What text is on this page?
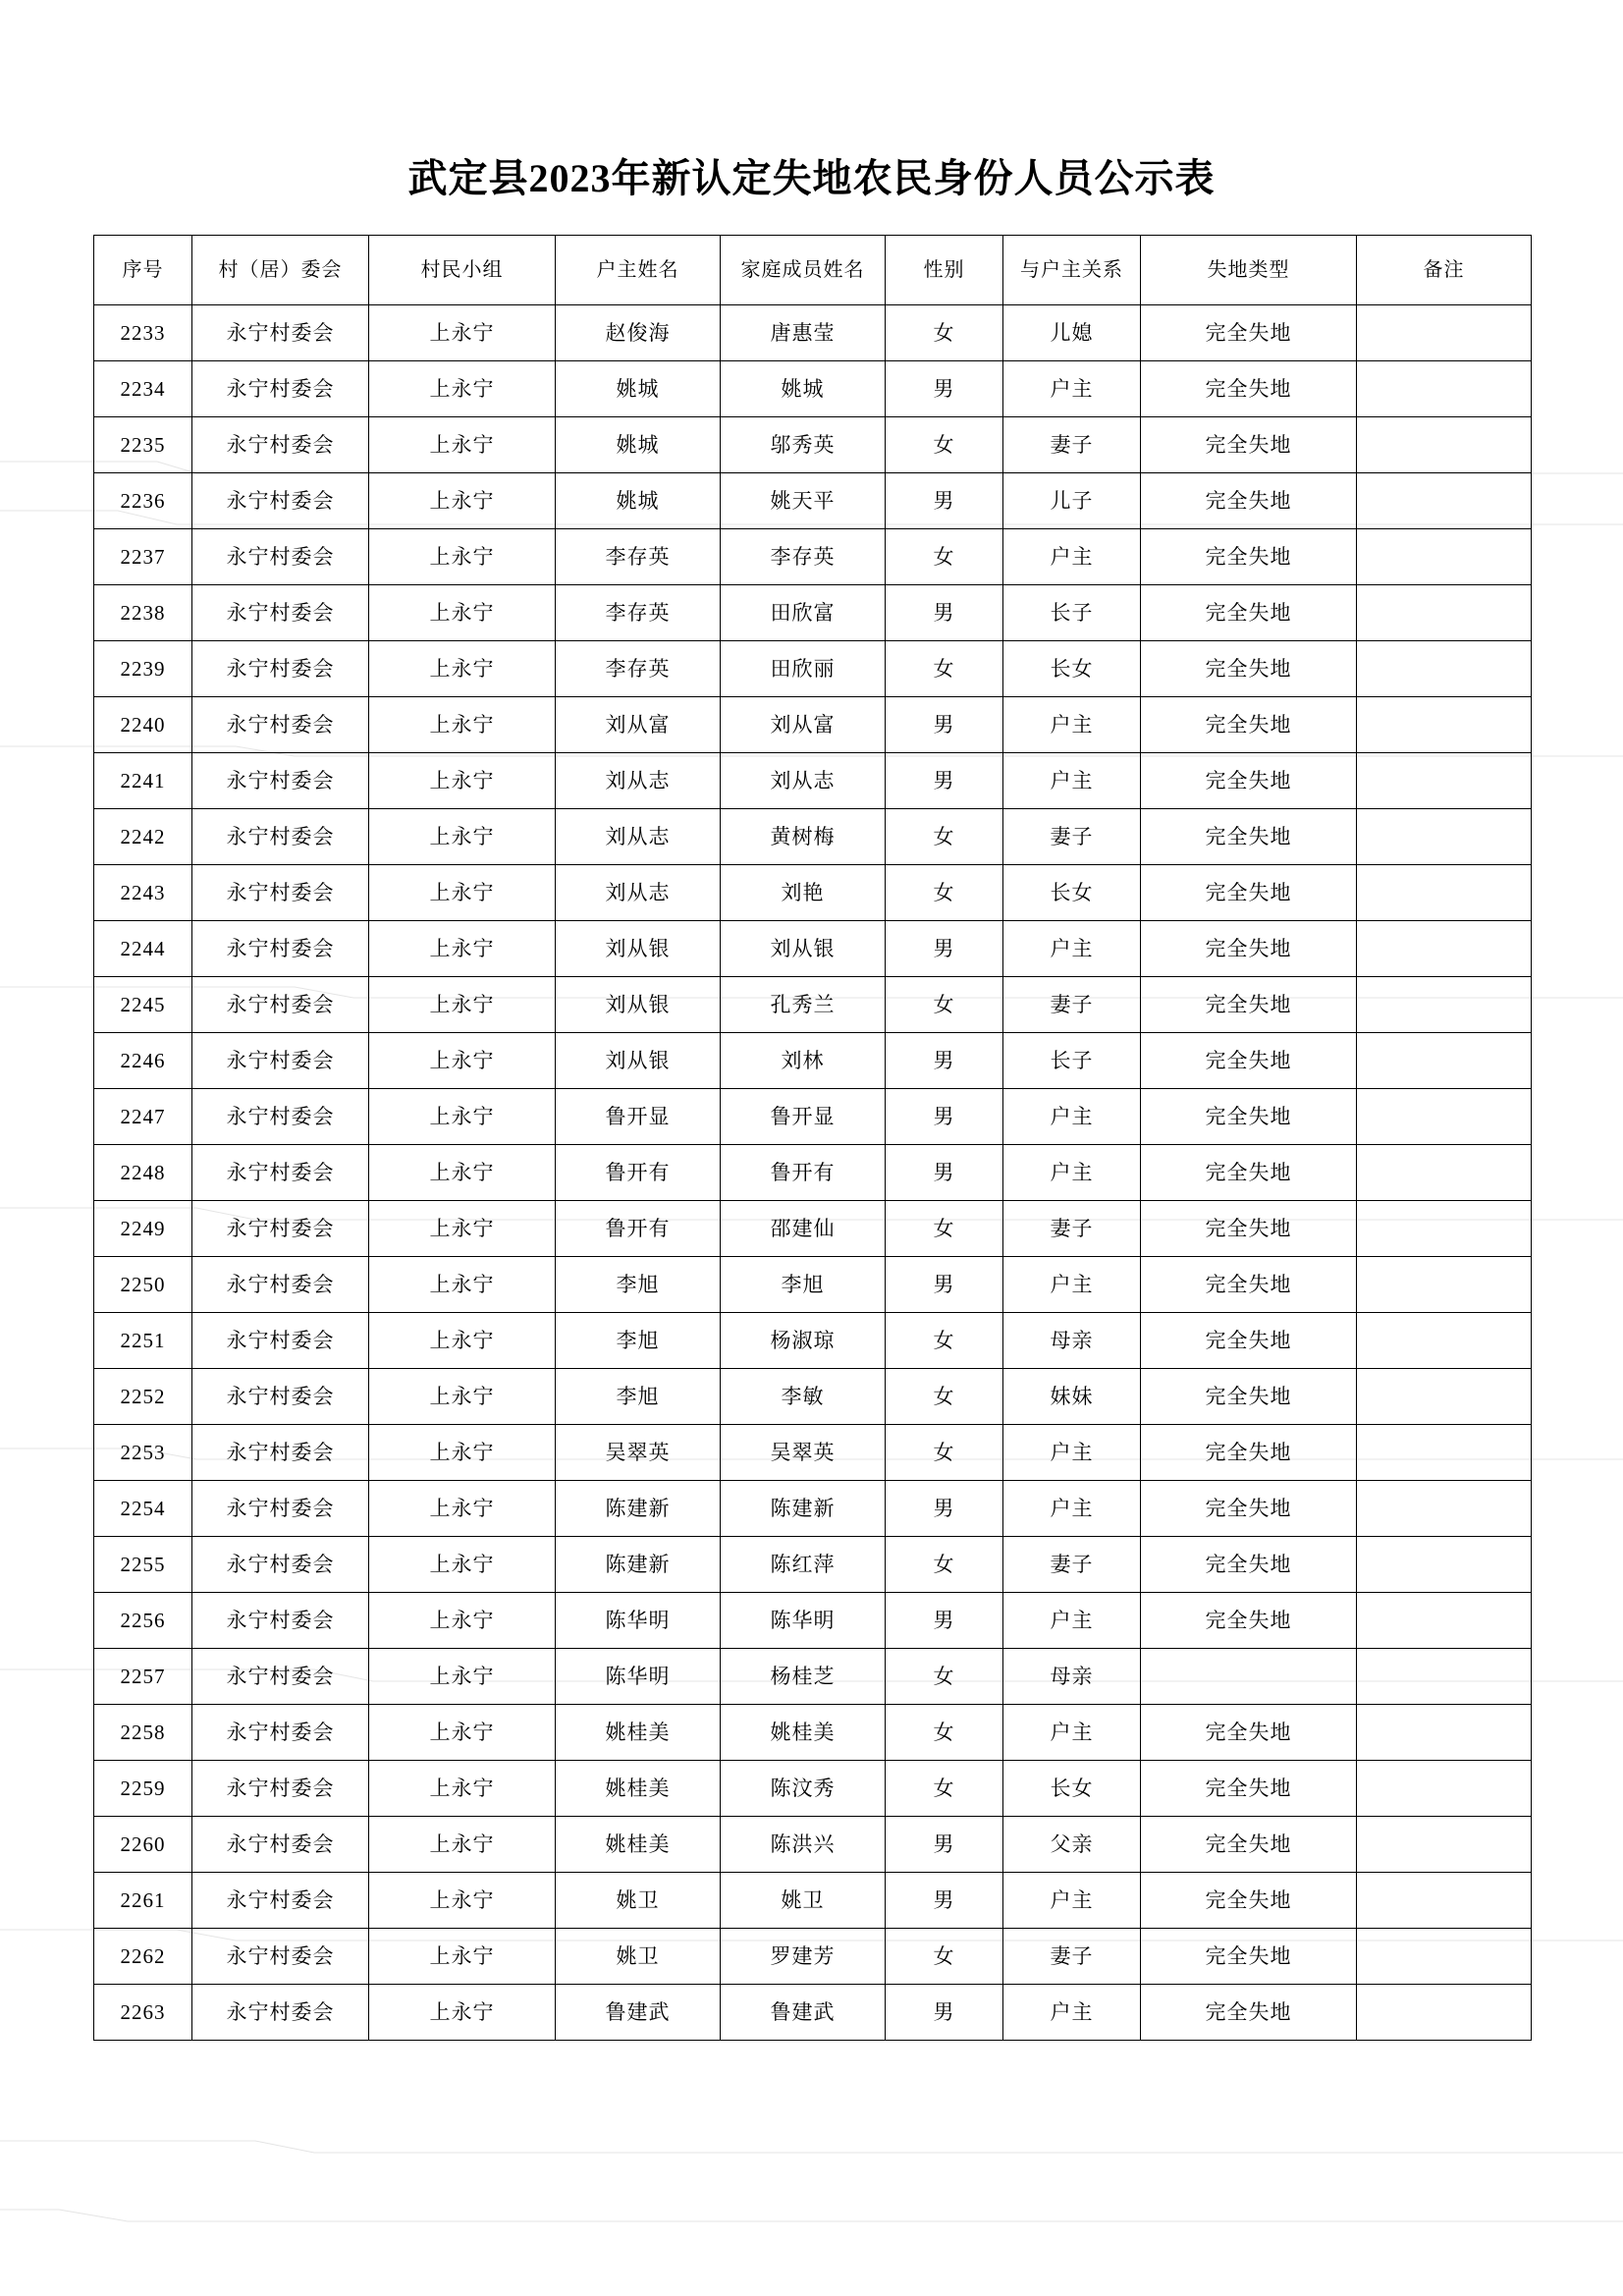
武定县2023年新认定失地农民身份人员公示表
序号	村（居）委会	村民小组	户主姓名	家庭成员姓名	性别	与户主关系	失地类型	备注
2233	永宁村委会	上永宁	赵俊海	唐惠莹	女	儿媳	完全失地	
2234	永宁村委会	上永宁	姚城	姚城	男	户主	完全失地	
2235	永宁村委会	上永宁	姚城	邬秀英	女	妻子	完全失地	
2236	永宁村委会	上永宁	姚城	姚天平	男	儿子	完全失地	
2237	永宁村委会	上永宁	李存英	李存英	女	户主	完全失地	
2238	永宁村委会	上永宁	李存英	田欣富	男	长子	完全失地	
2239	永宁村委会	上永宁	李存英	田欣丽	女	长女	完全失地	
2240	永宁村委会	上永宁	刘从富	刘从富	男	户主	完全失地	
2241	永宁村委会	上永宁	刘从志	刘从志	男	户主	完全失地	
2242	永宁村委会	上永宁	刘从志	黄树梅	女	妻子	完全失地	
2243	永宁村委会	上永宁	刘从志	刘艳	女	长女	完全失地	
2244	永宁村委会	上永宁	刘从银	刘从银	男	户主	完全失地	
2245	永宁村委会	上永宁	刘从银	孔秀兰	女	妻子	完全失地	
2246	永宁村委会	上永宁	刘从银	刘林	男	长子	完全失地	
2247	永宁村委会	上永宁	鲁开显	鲁开显	男	户主	完全失地	
2248	永宁村委会	上永宁	鲁开有	鲁开有	男	户主	完全失地	
2249	永宁村委会	上永宁	鲁开有	邵建仙	女	妻子	完全失地	
2250	永宁村委会	上永宁	李旭	李旭	男	户主	完全失地	
2251	永宁村委会	上永宁	李旭	杨淑琼	女	母亲	完全失地	
2252	永宁村委会	上永宁	李旭	李敏	女	妹妹	完全失地	
2253	永宁村委会	上永宁	吴翠英	吴翠英	女	户主	完全失地	
2254	永宁村委会	上永宁	陈建新	陈建新	男	户主	完全失地	
2255	永宁村委会	上永宁	陈建新	陈红萍	女	妻子	完全失地	
2256	永宁村委会	上永宁	陈华明	陈华明	男	户主	完全失地	
2257	永宁村委会	上永宁	陈华明	杨桂芝	女	母亲		
2258	永宁村委会	上永宁	姚桂美	姚桂美	女	户主	完全失地	
2259	永宁村委会	上永宁	姚桂美	陈汶秀	女	长女	完全失地	
2260	永宁村委会	上永宁	姚桂美	陈洪兴	男	父亲	完全失地	
2261	永宁村委会	上永宁	姚卫	姚卫	男	户主	完全失地	
2262	永宁村委会	上永宁	姚卫	罗建芳	女	妻子	完全失地	
2263	永宁村委会	上永宁	鲁建武	鲁建武	男	户主	完全失地	
